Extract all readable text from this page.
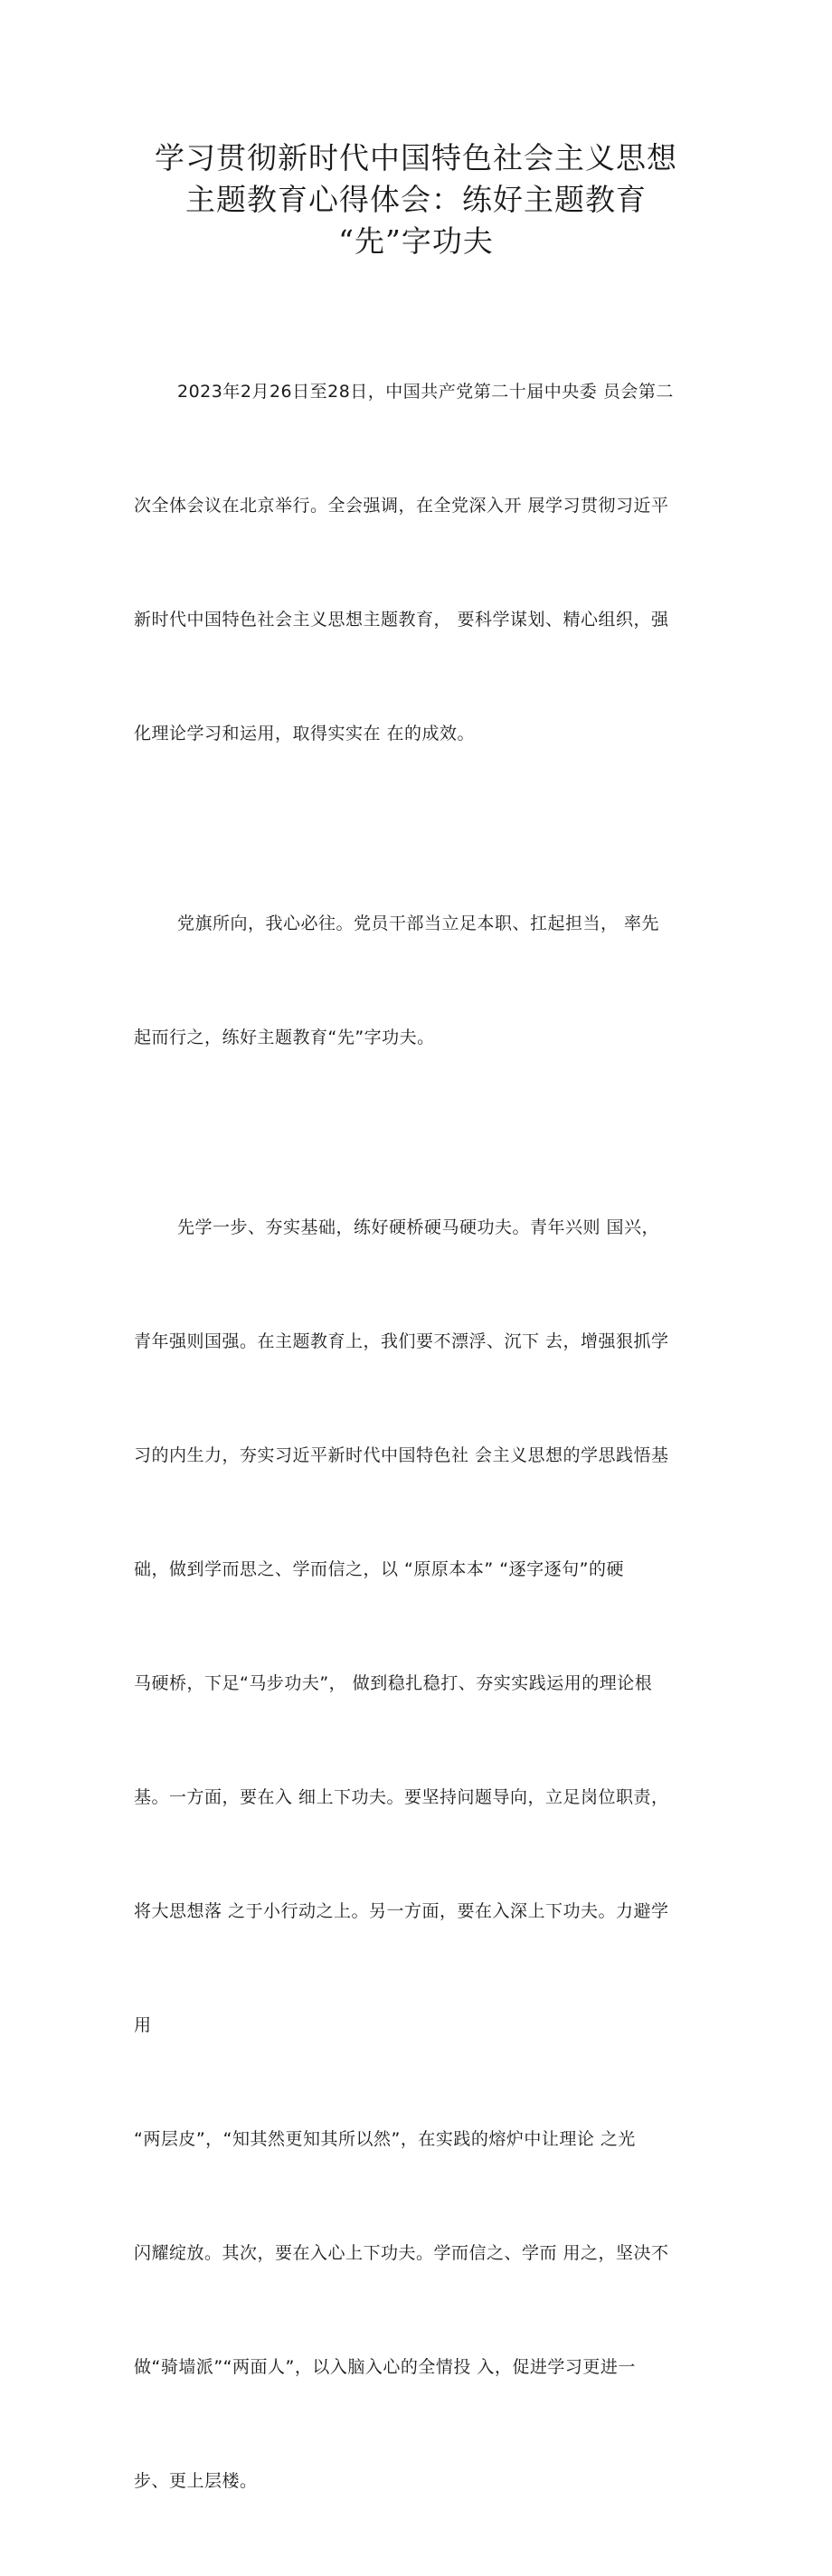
学习贯彻新时代中国特色社会主义思想
主题教育心得体会：练好主题教育
“先”字功夫

2023年2月26日至28日，中国共产党第二十届中央委 员会第二

次全体会议在北京举行。全会强调，在全党深入开 展学习贯彻习近平

新时代中国特色社会主义思想主题教育， 要科学谋划、精心组织，强

化理论学习和运用，取得实实在 在的成效。

党旗所向，我心必往。党员干部当立足本职、扛起担当， 率先

起而行之，练好主题教育“先”字功夫。

先学一步、夯实基础，练好硬桥硬马硬功夫。青年兴则 国兴，

青年强则国强。在主题教育上，我们要不漂浮、沉下 去，增强狠抓学

习的内生力，夯实习近平新时代中国特色社 会主义思想的学思践悟基

础，做到学而思之、学而信之，以 “原原本本” “逐字逐句”的硬

马硬桥，下足“马步功夫”， 做到稳扎稳打、夯实实践运用的理论根

基。一方面，要在入 细上下功夫。要坚持问题导向，立足岗位职责，

将大思想落 之于小行动之上。另一方面，要在入深上下功夫。力避学

用

“两层皮”，“知其然更知其所以然”，在实践的熔炉中让理论 之光

闪耀绽放。其次，要在入心上下功夫。学而信之、学而 用之，坚决不

做“骑墙派”“两面人”，以入脑入心的全情投 入，促进学习更进一

步、更上层楼。
